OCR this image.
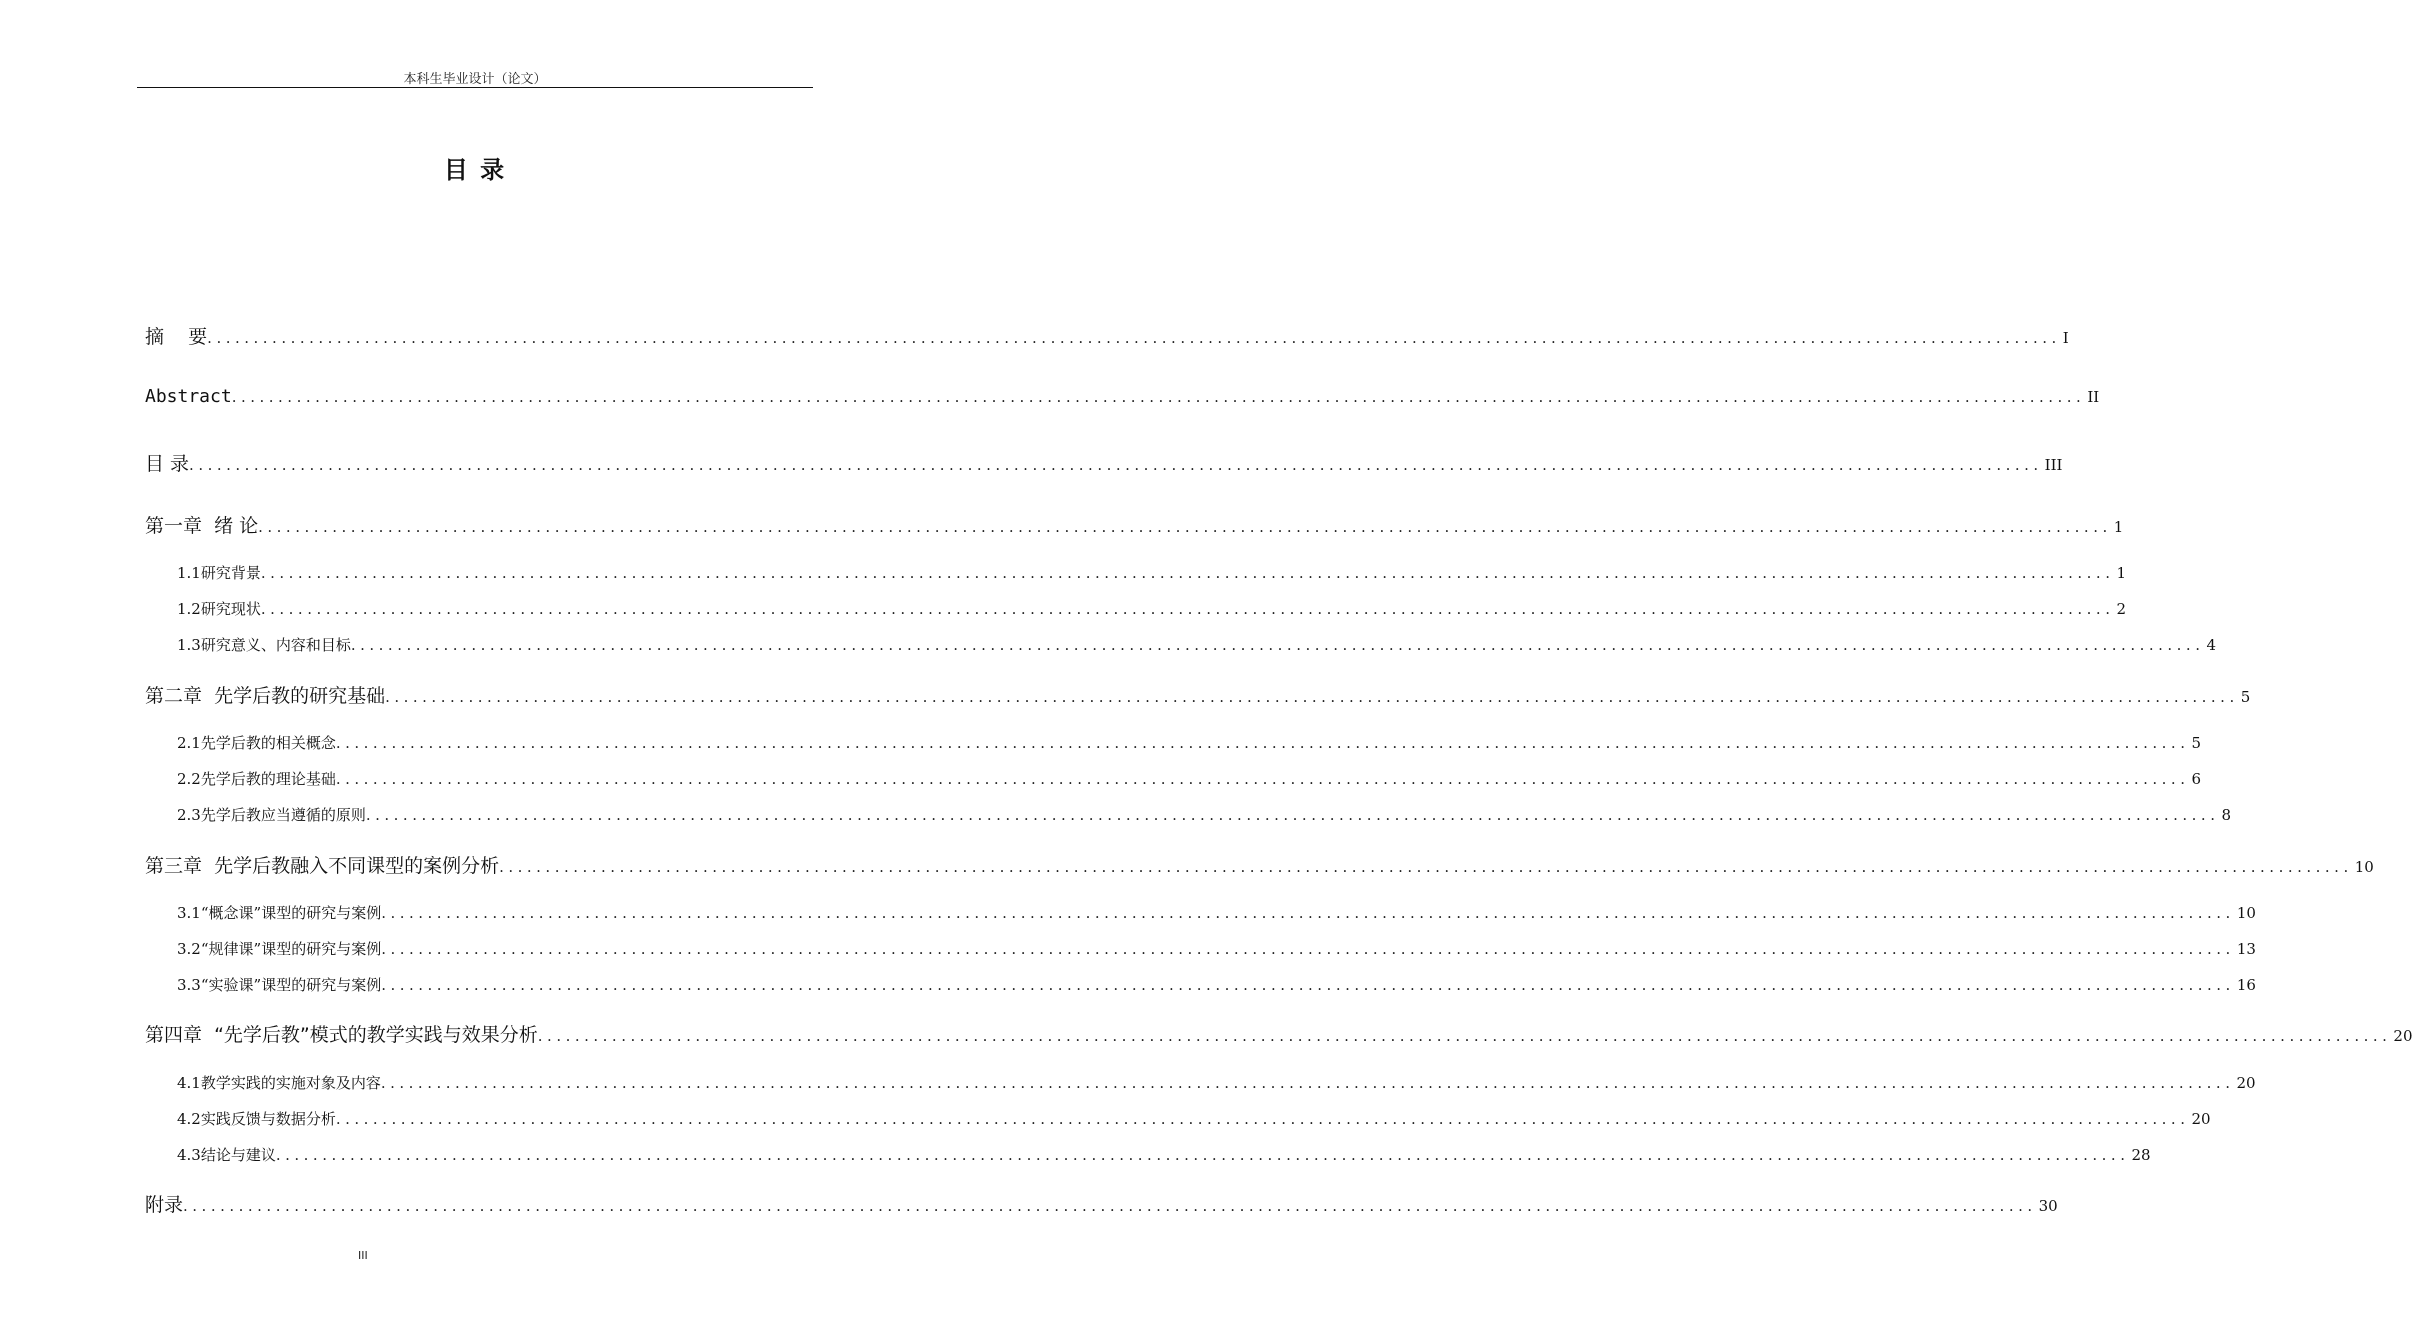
本科生毕业设计（论文）
目 录
摘    要 ........................................................................................................................................................................................................ I
Abstract ........................................................................................................................................................................................................ II
目 录 ........................................................................................................................................................................................................ III
第一章  绪 论 ........................................................................................................................................................................................................ 1
1.1研究背景 ........................................................................................................................................................................................................ 1
1.2研究现状 ........................................................................................................................................................................................................ 2
1.3研究意义、内容和目标 ........................................................................................................................................................................................................ 4
第二章  先学后教的研究基础 ........................................................................................................................................................................................................ 5
2.1先学后教的相关概念 ........................................................................................................................................................................................................ 5
2.2先学后教的理论基础 ........................................................................................................................................................................................................ 6
2.3先学后教应当遵循的原则 ........................................................................................................................................................................................................ 8
第三章  先学后教融入不同课型的案例分析 ........................................................................................................................................................................................................ 10
3.1“概念课”课型的研究与案例 ........................................................................................................................................................................................................ 10
3.2“规律课”课型的研究与案例 ........................................................................................................................................................................................................ 13
3.3“实验课”课型的研究与案例 ........................................................................................................................................................................................................ 16
第四章  “先学后教”模式的教学实践与效果分析 ........................................................................................................................................................................................................ 20
4.1教学实践的实施对象及内容 ........................................................................................................................................................................................................ 20
4.2实践反馈与数据分析 ........................................................................................................................................................................................................ 20
4.3结论与建议 ........................................................................................................................................................................................................ 28
附录 ........................................................................................................................................................................................................ 30
III
